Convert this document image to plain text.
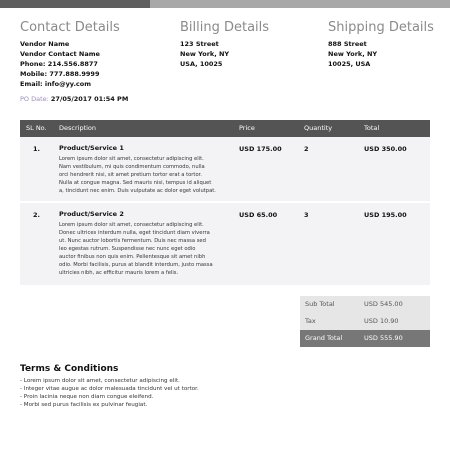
Contact Details
Vendor Name
Vendor Contact Name
Phone: 214.556.8877
Mobile: 777.888.9999
Email: info@yy.com
Billing Details
123 Street
New York, NY
USA, 10025
Shipping Details
888 Street
New York, NY
10025, USA
PO Date: 27/05/2017 01:54 PM
SL No. Description	Price	Quantity	Total
1.	Product/Service 1
Lorem ipsum dolor sit amet, consectetur adipiscing elit.
Nam vestibulum, mi quis condimentum commodo, nulla
orci hendrerit nisi, sit amet pretium tortor erat a tortor.
Nulla at congue magna. Sed mauris nisi, tempus id aliquet
a, tincidunt nec enim. Duis vulputate ac dolor eget volutpat.
USD 175.00	2	USD 350.00
2.	Product/Service 2
Lorem ipsum dolor sit amet, consectetur adipiscing elit.
Donec ultrices interdum nulla, eget tincidunt diam viverra
ut. Nunc auctor lobortis fermentum. Duis nec massa sed
leo egestas rutrum. Suspendisse nec nunc eget odio
auctor finibus non quis enim. Pellentesque sit amet nibh
odio. Morbi facilisis, purus at blandit interdum, justo massa
ultricies nibh, ac efficitur mauris lorem a felis.
USD 65.00	3	USD 195.00
Sub Total	USD 545.00
Tax	USD 10.90
Grand Total	USD 555.90
Terms & Conditions
- Lorem ipsum dolor sit amet, consectetur adipiscing elit.
- Integer vitae augue ac dolor malesuada tincidunt vel ut tortor.
- Proin lacinia neque non diam congue eleifend.
- Morbi sed purus facilisis ex pulvinar feugiat.
